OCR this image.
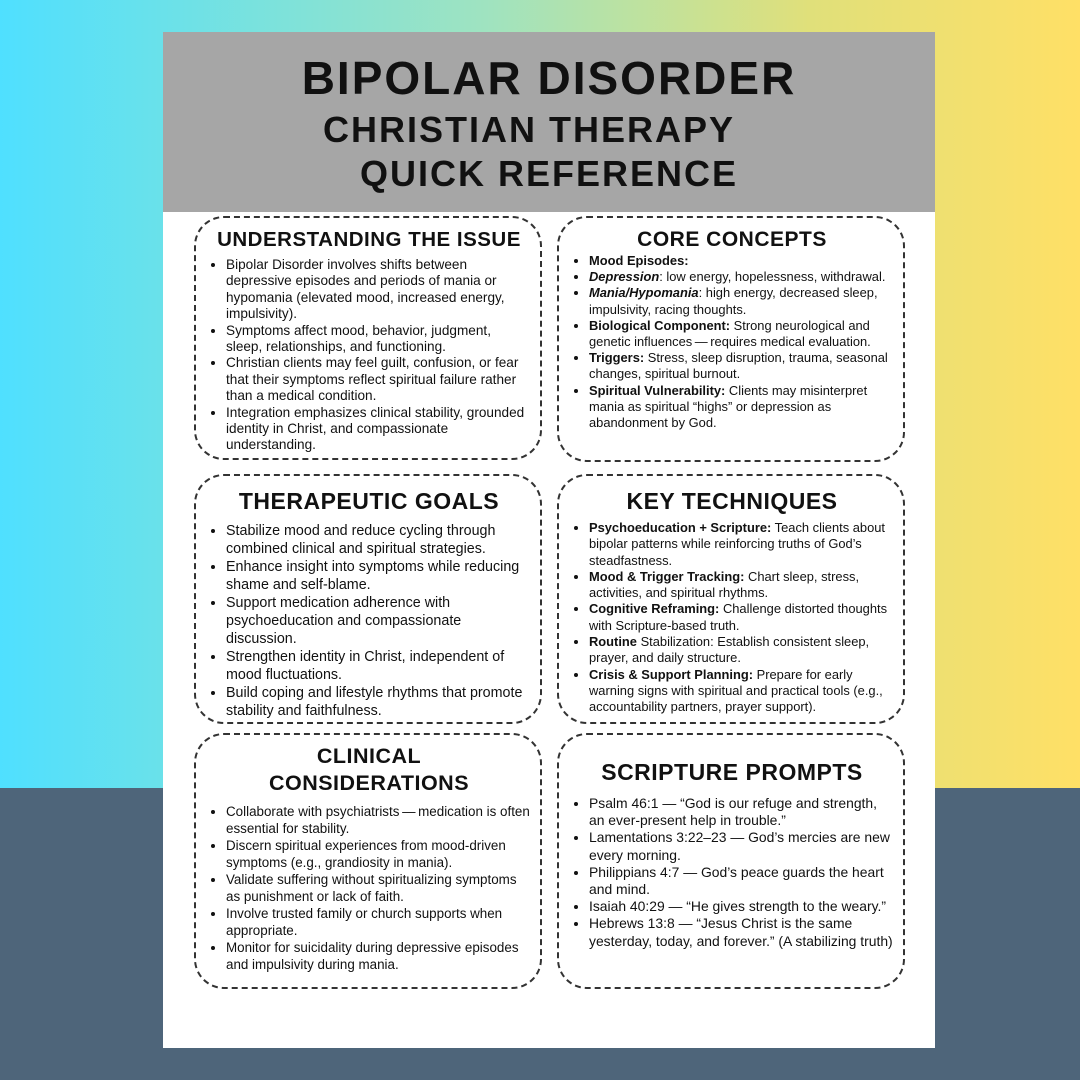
BIPOLAR DISORDER
CHRISTIAN THERAPY
QUICK REFERENCE
UNDERSTANDING THE ISSUE
• Bipolar Disorder involves shifts between depressive episodes and periods of mania or hypomania (elevated mood, increased energy, impulsivity).
• Symptoms affect mood, behavior, judgment, sleep, relationships, and functioning.
• Christian clients may feel guilt, confusion, or fear that their symptoms reflect spiritual failure rather than a medical condition.
• Integration emphasizes clinical stability, grounded identity in Christ, and compassionate understanding.
CORE CONCEPTS
• Mood Episodes:
• Depression: low energy, hopelessness, withdrawal.
• Mania/Hypomania: high energy, decreased sleep, impulsivity, racing thoughts.
• Biological Component: Strong neurological and genetic influences — requires medical evaluation.
• Triggers: Stress, sleep disruption, trauma, seasonal changes, spiritual burnout.
• Spiritual Vulnerability: Clients may misinterpret mania as spiritual “highs” or depression as abandonment by God.
THERAPEUTIC GOALS
• Stabilize mood and reduce cycling through combined clinical and spiritual strategies.
• Enhance insight into symptoms while reducing shame and self-blame.
• Support medication adherence with psychoeducation and compassionate discussion.
• Strengthen identity in Christ, independent of mood fluctuations.
• Build coping and lifestyle rhythms that promote stability and faithfulness.
KEY TECHNIQUES
• Psychoeducation + Scripture: Teach clients about bipolar patterns while reinforcing truths of God’s steadfastness.
• Mood & Trigger Tracking: Chart sleep, stress, activities, and spiritual rhythms.
• Cognitive Reframing: Challenge distorted thoughts with Scripture-based truth.
• Routine Stabilization: Establish consistent sleep, prayer, and daily structure.
• Crisis & Support Planning: Prepare for early warning signs with spiritual and practical tools (e.g., accountability partners, prayer support).
CLINICAL
CONSIDERATIONS
• Collaborate with psychiatrists — medication is often essential for stability.
• Discern spiritual experiences from mood-driven symptoms (e.g., grandiosity in mania).
• Validate suffering without spiritualizing symptoms as punishment or lack of faith.
• Involve trusted family or church supports when appropriate.
• Monitor for suicidality during depressive episodes and impulsivity during mania.
SCRIPTURE PROMPTS
• Psalm 46:1 — “God is our refuge and strength, an ever-present help in trouble.”
• Lamentations 3:22–23 — God’s mercies are new every morning.
• Philippians 4:7 — God’s peace guards the heart and mind.
• Isaiah 40:29 — “He gives strength to the weary.”
• Hebrews 13:8 — “Jesus Christ is the same yesterday, today, and forever.” (A stabilizing truth)
